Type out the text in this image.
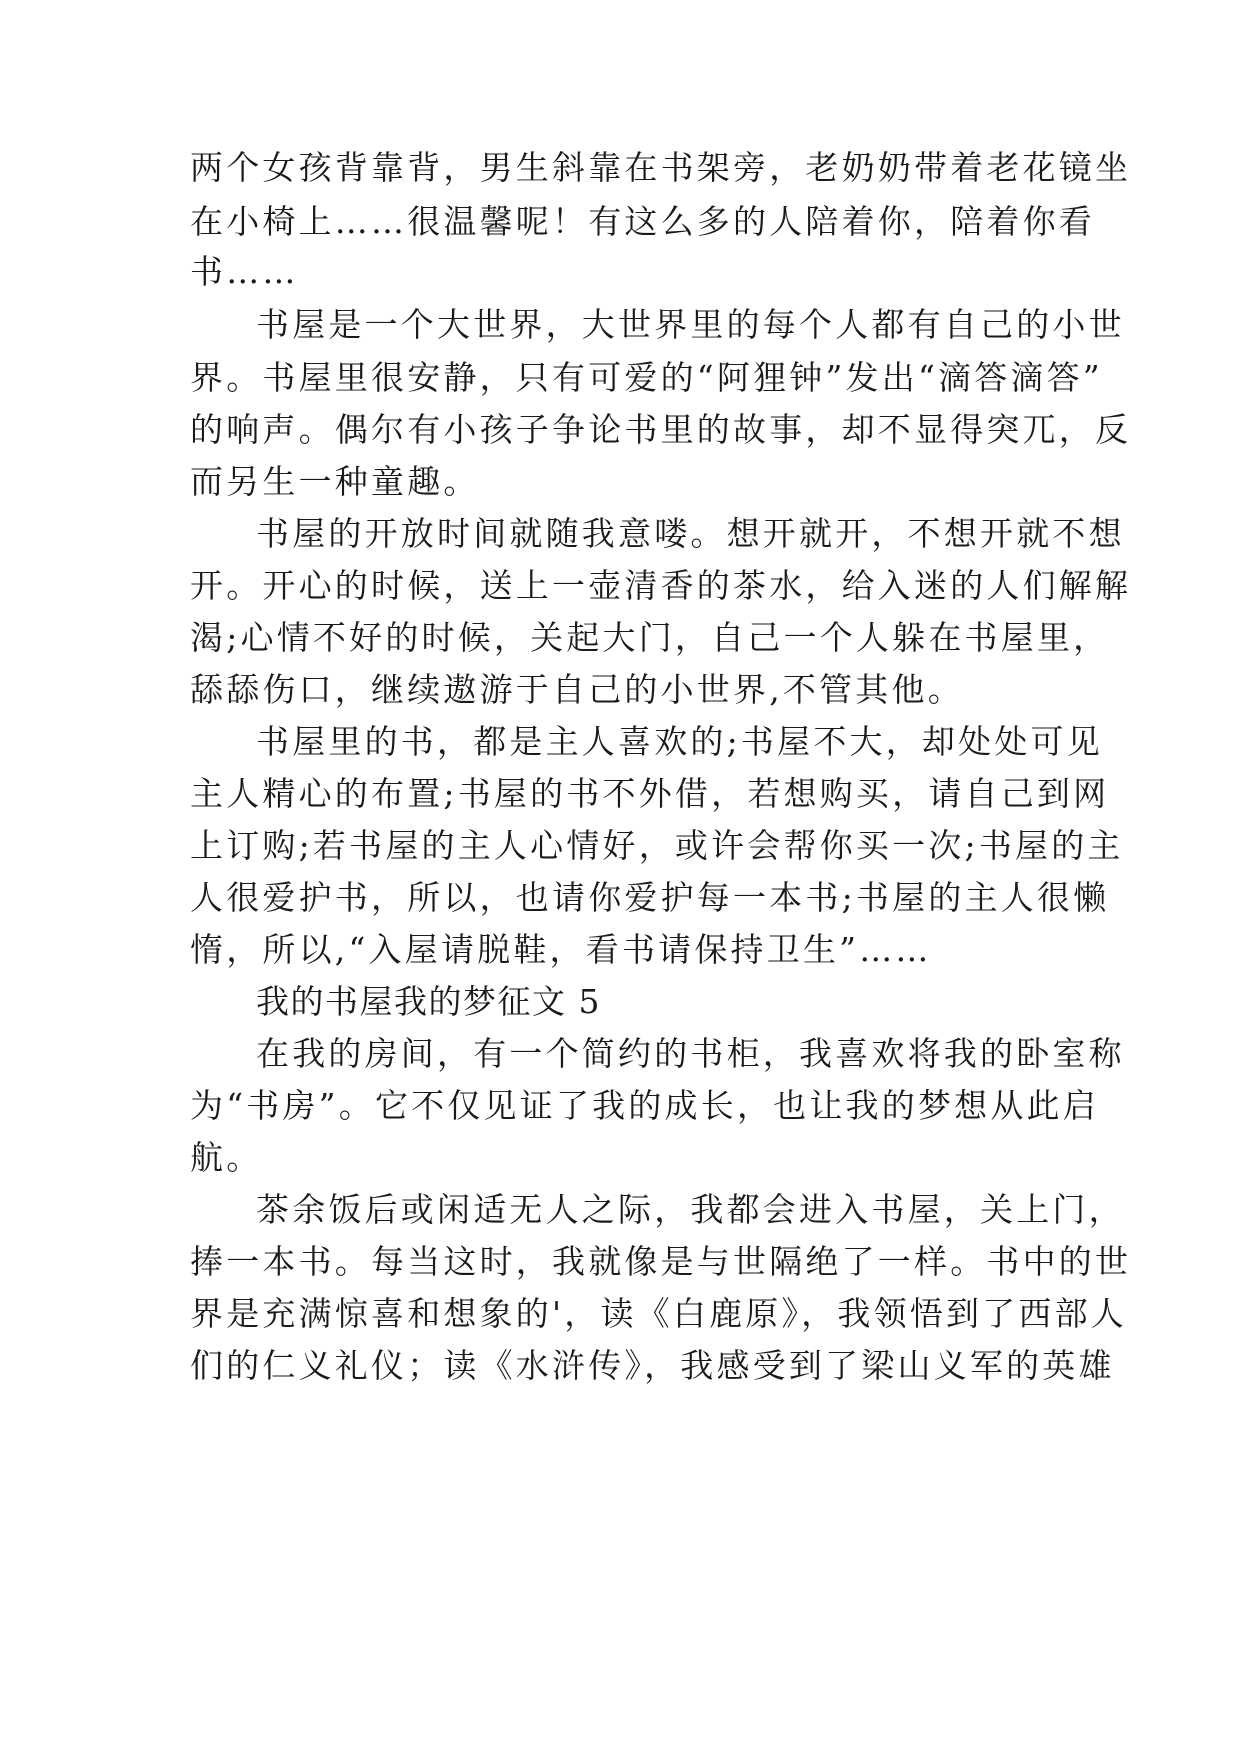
两个女孩背靠背，男生斜靠在书架旁，老奶奶带着老花镜坐
在小椅上……很温馨呢！有这么多的人陪着你，陪着你看
书……
书屋是一个大世界，大世界里的每个人都有自己的小世
界。书屋里很安静，只有可爱的“阿狸钟”发出“滴答滴答”
的响声。偶尔有小孩子争论书里的故事，却不显得突兀，反
而另生一种童趣。
书屋的开放时间就随我意喽。想开就开，不想开就不想
开。开心的时候，送上一壶清香的茶水，给入迷的人们解解
渴;心情不好的时候，关起大门，自己一个人躲在书屋里，
舔舔伤口，继续遨游于自己的小世界,不管其他。
书屋里的书，都是主人喜欢的;书屋不大，却处处可见
主人精心的布置;书屋的书不外借，若想购买，请自己到网
上订购;若书屋的主人心情好，或许会帮你买一次;书屋的主
人很爱护书，所以，也请你爱护每一本书;书屋的主人很懒
惰，所以,“入屋请脱鞋，看书请保持卫生”……
我的书屋我的梦征文 5
在我的房间，有一个简约的书柜，我喜欢将我的卧室称
为“书房”。它不仅见证了我的成长，也让我的梦想从此启
航。
茶余饭后或闲适无人之际，我都会进入书屋，关上门，
捧一本书。每当这时，我就像是与世隔绝了一样。书中的世
界是充满惊喜和想象的'，读《白鹿原》，我领悟到了西部人
们的仁义礼仪；读《水浒传》，我感受到了梁山义军的英雄
